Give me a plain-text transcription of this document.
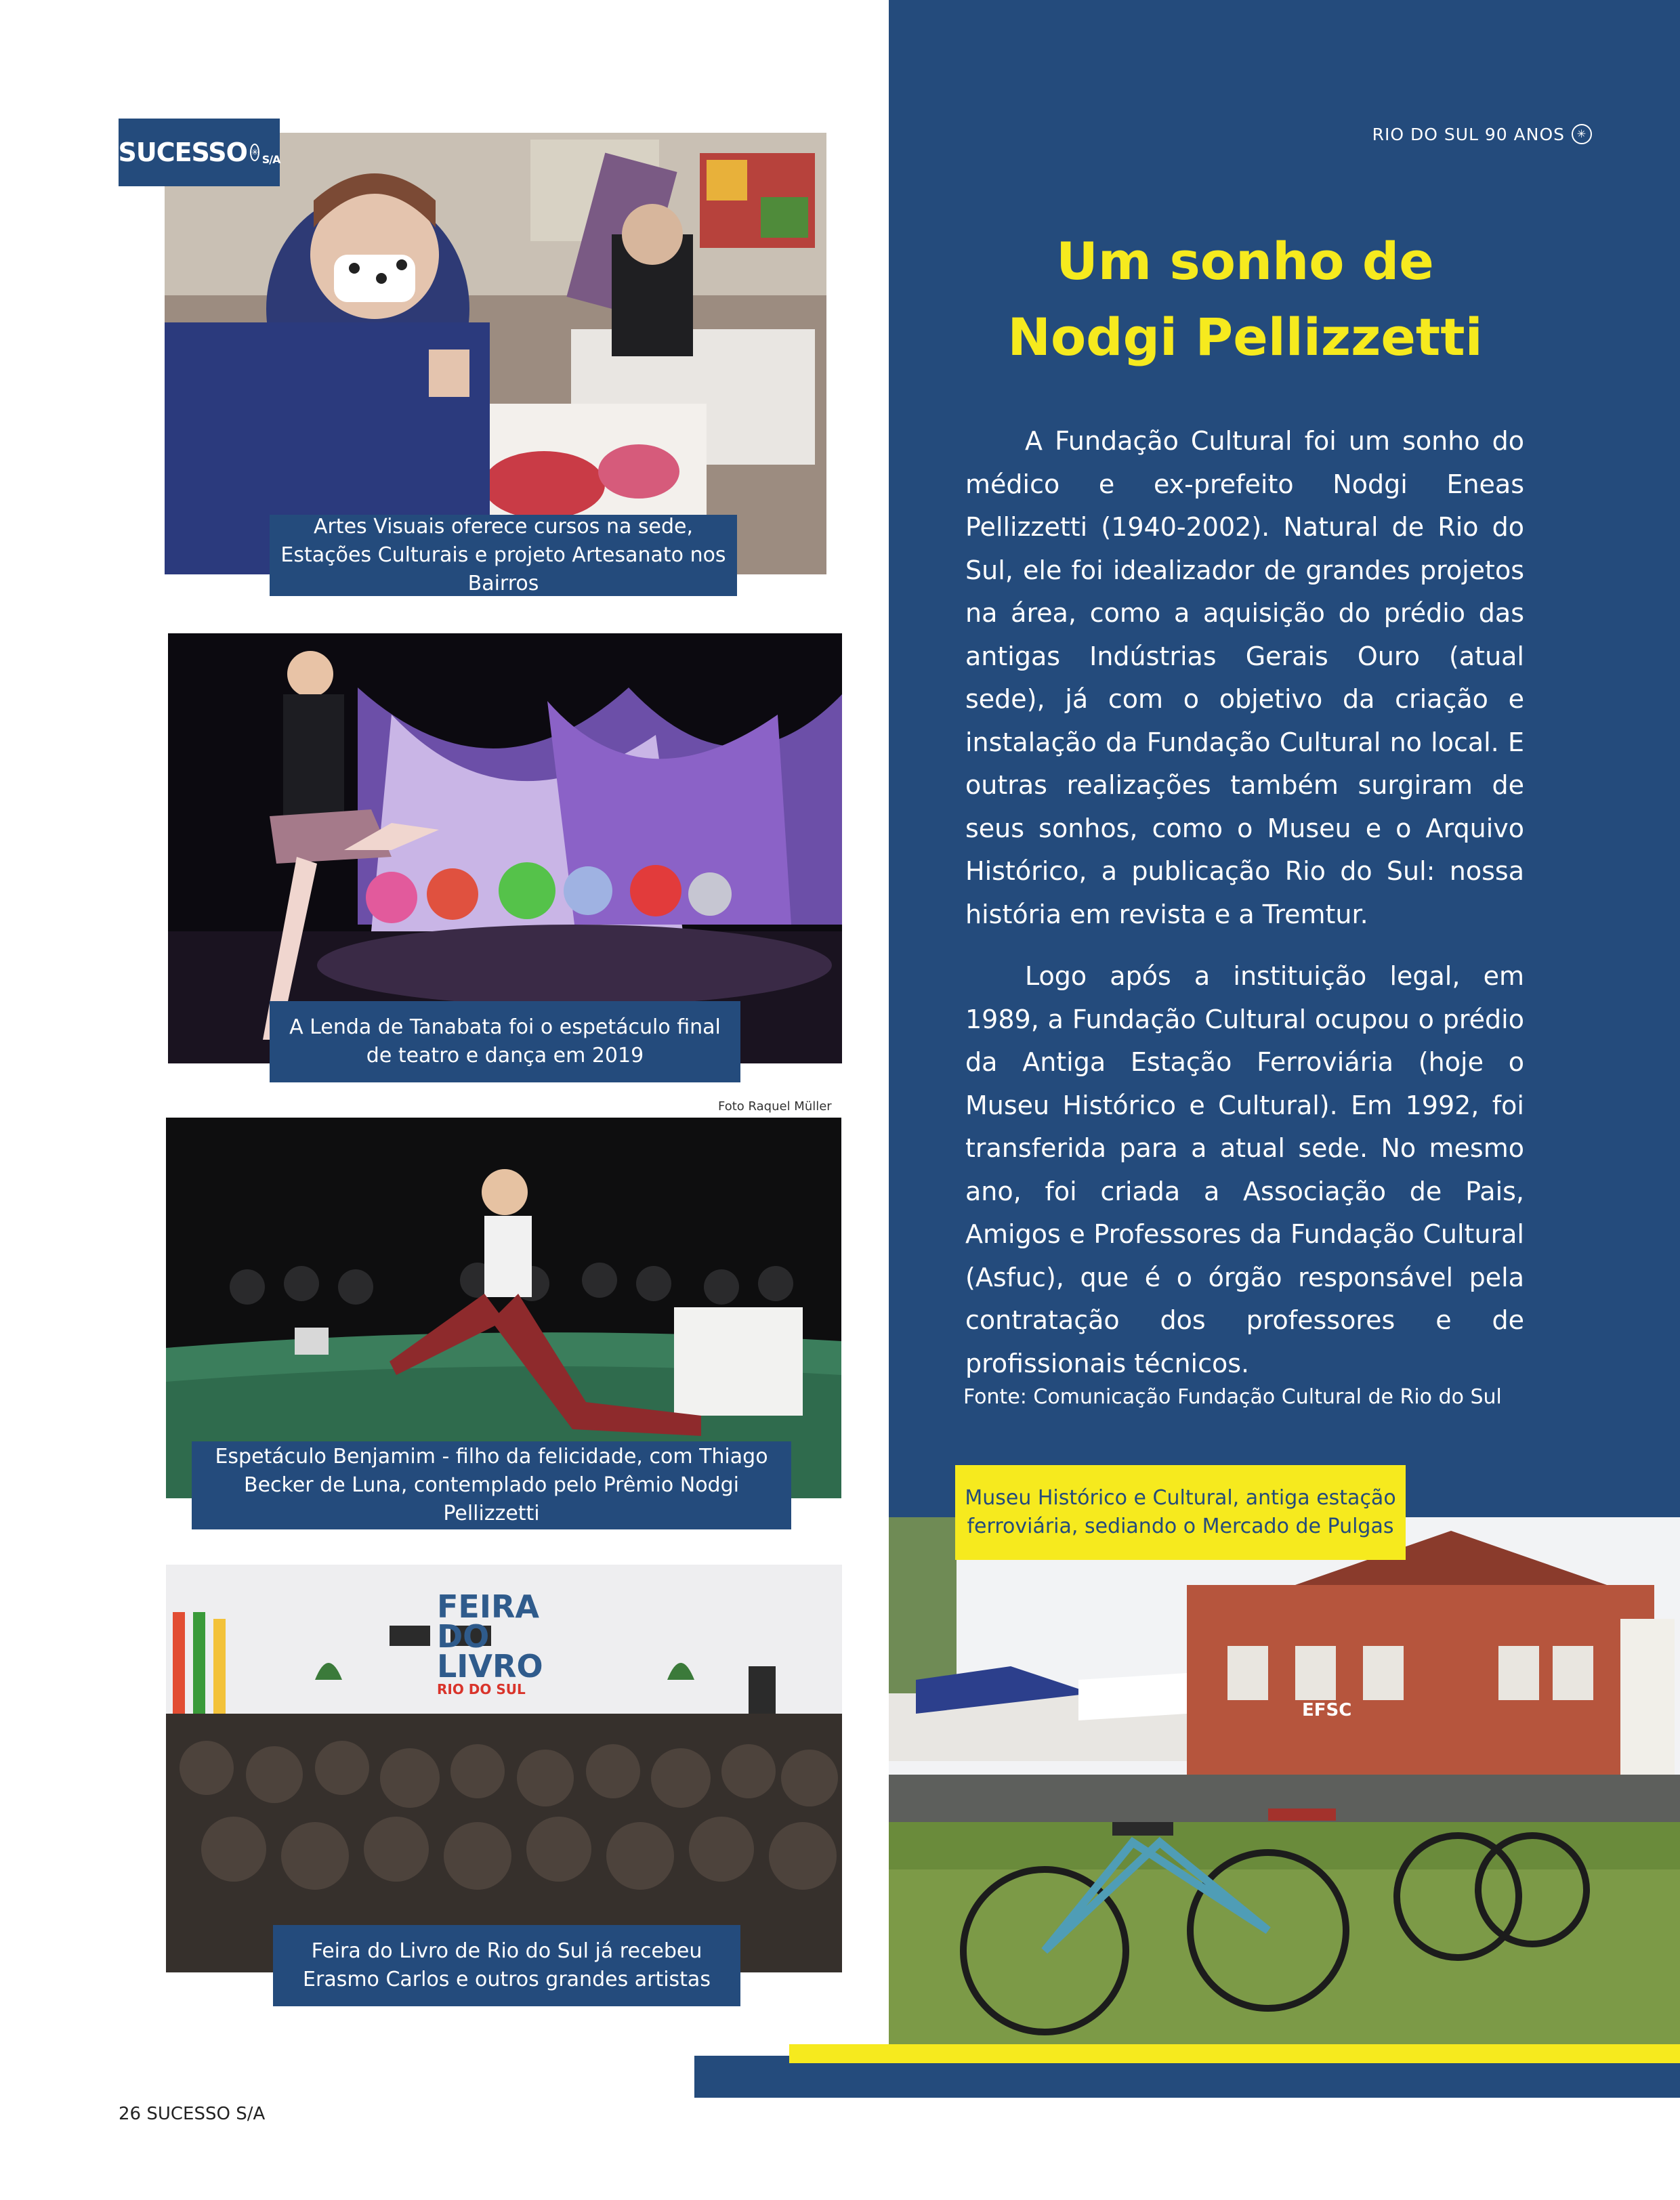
RIO DO SUL 90 ANOS	✳
Um sonho de
Nodgi Pellizzetti

A Fundação Cultural foi um sonho do médico e ex-prefeito Nodgi Eneas Pellizzetti (1940-2002). Natural de Rio do Sul, ele foi idealizador de grandes projetos na área, como a aquisição do prédio das antigas Indústrias Gerais Ouro (atual sede), já com o objetivo da criação e instalação da Fundação Cultural no local. E outras realizações também surgiram de seus sonhos, como o Museu e o Arquivo Histórico, a publicação Rio do Sul: nossa história em revista e a Tremtur.

Logo após a instituição legal, em 1989, a Fundação Cultural ocupou o prédio da Antiga Estação Ferroviária (hoje o Museu Histórico e Cultural). Em 1992, foi transferida para a atual sede. No mesmo ano, foi criada a Associação de Pais, Amigos e Professores da Fundação Cultural (Asfuc), que é o órgão responsável pela contratação dos professores e de profissionais técnicos.

Fonte: Comunicação Fundação Cultural de Rio do Sul
Artes Visuais oferece cursos na sede, Estações Culturais e projeto Artesanato nos Bairros
A Lenda de Tanabata foi o espetáculo final de teatro e dança em 2019
Foto Raquel Müller
Espetáculo Benjamim - filho da felicidade, com Thiago Becker de Luna, contemplado pelo Prêmio Nodgi Pellizzetti
FEIRA
DO
LIVRO
RIO DO SUL
Feira do Livro de Rio do Sul já recebeu Erasmo Carlos e outros grandes artistas
EFSC
Museu Histórico e Cultural, antiga estação ferroviária, sediando o Mercado de Pulgas
SUCESSO ✳
S/A
26 SUCESSO S/A
